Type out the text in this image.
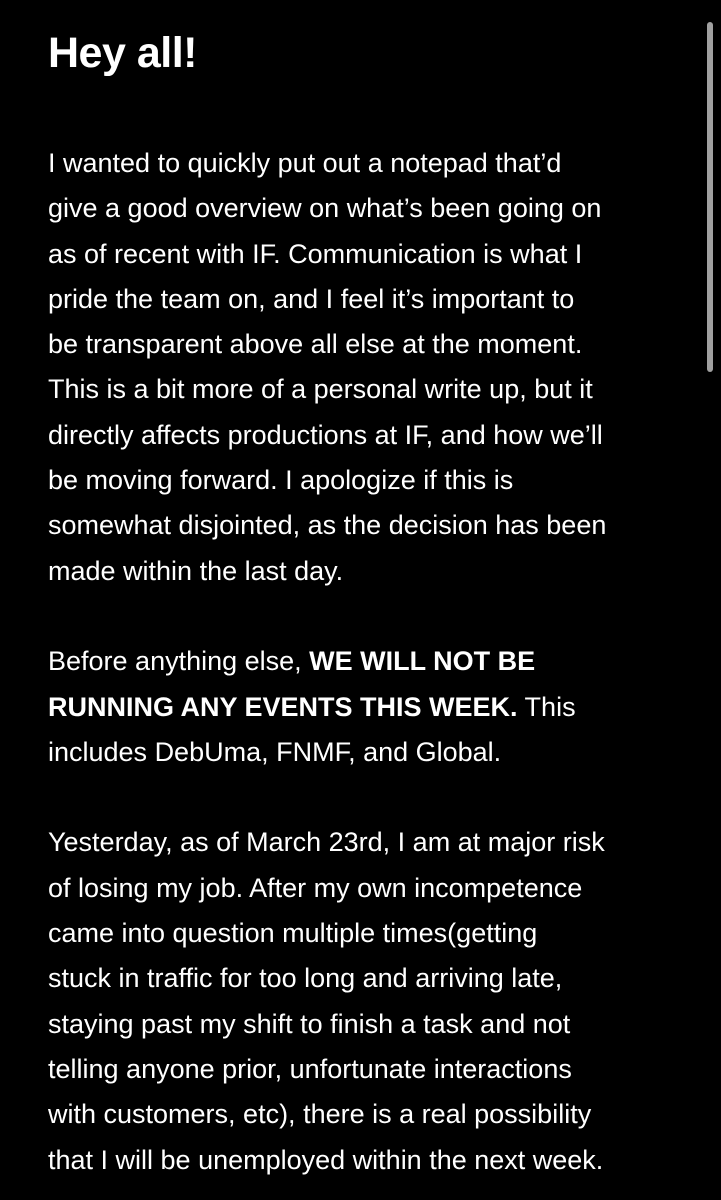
Hey all!

I wanted to quickly put out a notepad that’d
give a good overview on what’s been going on
as of recent with IF. Communication is what I
pride the team on, and I feel it’s important to
be transparent above all else at the moment.
This is a bit more of a personal write up, but it
directly affects productions at IF, and how we’ll
be moving forward. I apologize if this is
somewhat disjointed, as the decision has been
made within the last day.

Before anything else, WE WILL NOT BE
RUNNING ANY EVENTS THIS WEEK. This
includes DebUma, FNMF, and Global.

Yesterday, as of March 23rd, I am at major risk
of losing my job. After my own incompetence
came into question multiple times(getting
stuck in traffic for too long and arriving late,
staying past my shift to finish a task and not
telling anyone prior, unfortunate interactions
with customers, etc), there is a real possibility
that I will be unemployed within the next week.
